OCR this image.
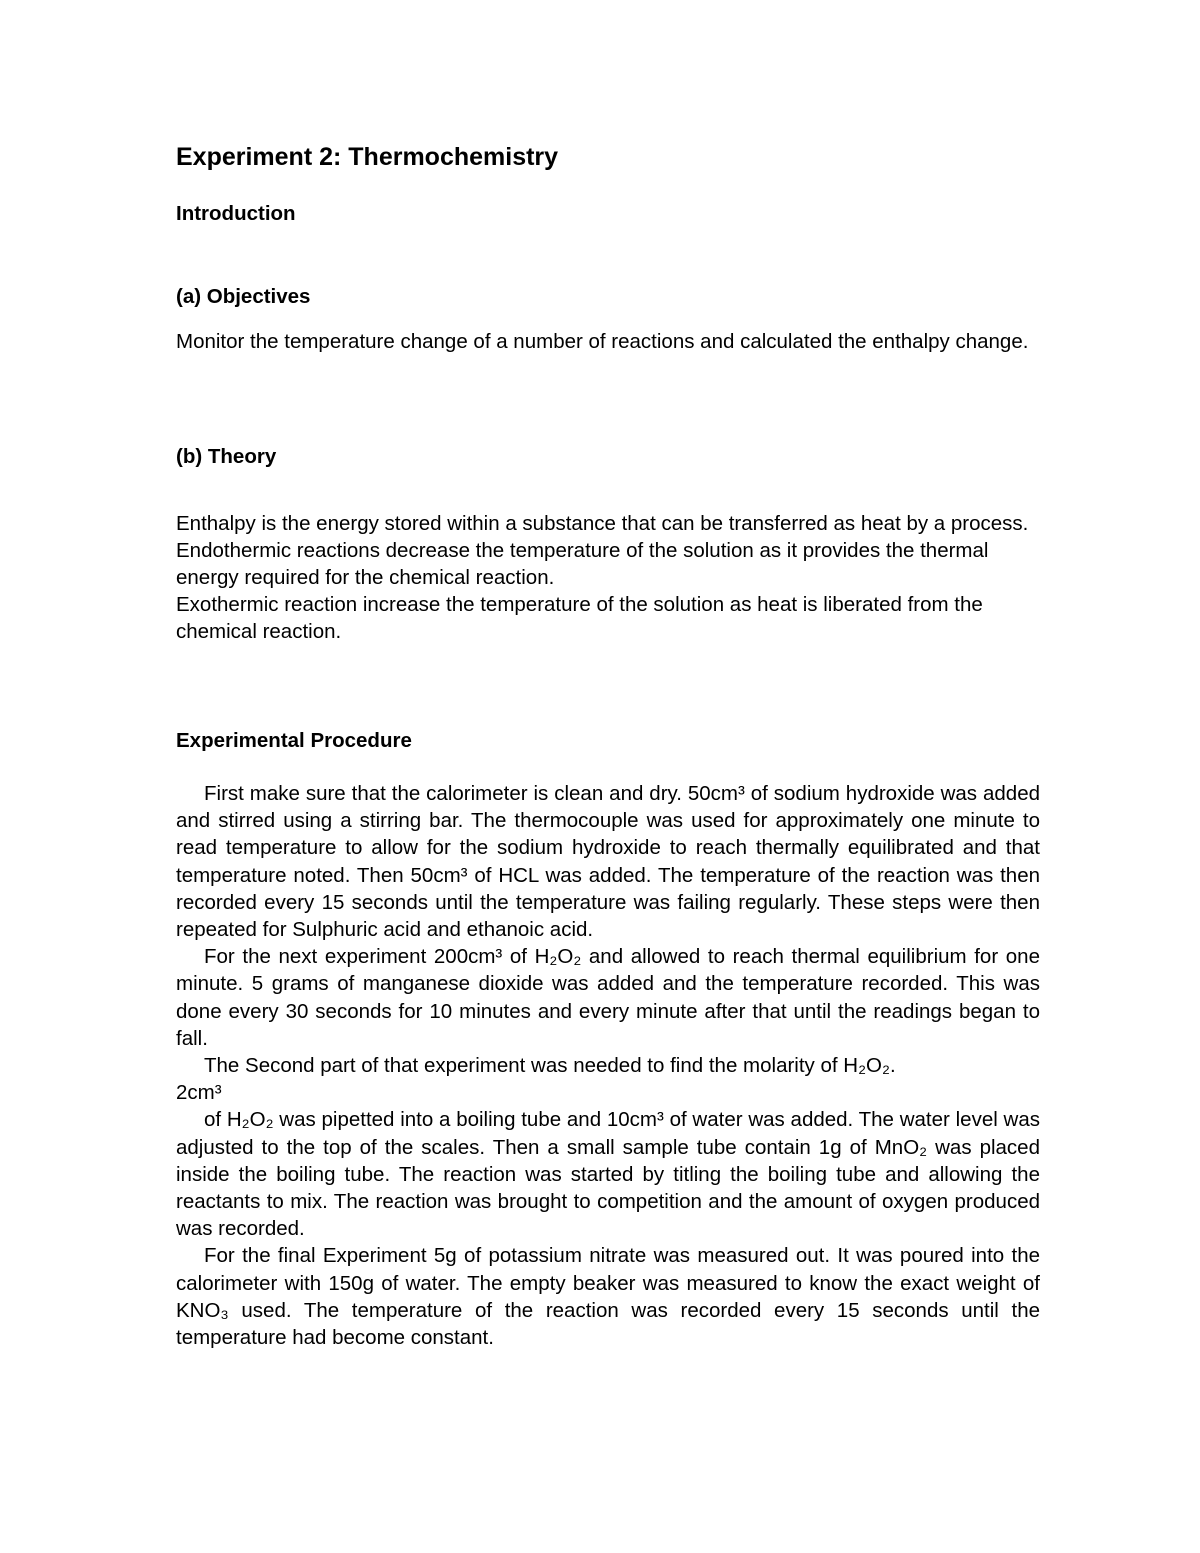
Experiment 2: Thermochemistry
Introduction
(a) Objectives

Monitor the temperature change of a number of reactions and calculated the enthalpy change.

(b) Theory

Enthalpy is the energy stored within a substance that can be transferred as heat by a process.

Endothermic reactions decrease the temperature of the solution as it provides the thermal energy required for the chemical reaction.

Exothermic reaction increase the temperature of the solution as heat is liberated from the chemical reaction.

Experimental Procedure

First make sure that the calorimeter is clean and dry. 50cm³ of sodium hydroxide was added and stirred using a stirring bar. The thermocouple was used for approximately one minute to read temperature to allow for the sodium hydroxide to reach thermally equilibrated and that temperature noted. Then 50cm³ of HCL was added. The temperature of the reaction was then recorded every 15 seconds until the temperature was failing regularly. These steps were then repeated for Sulphuric acid and ethanoic acid.

For the next experiment 200cm³ of H₂O₂ and allowed to reach thermal equilibrium for one minute. 5 grams of manganese dioxide was added and the temperature recorded. This was done every 30 seconds for 10 minutes and every minute after that until the readings began to fall.

The Second part of that experiment was needed to find the molarity of H₂O₂.

2cm³

of H₂O₂ was pipetted into a boiling tube and 10cm³ of water was added. The water level was adjusted to the top of the scales. Then a small sample tube contain 1g of MnO₂ was placed inside the boiling tube. The reaction was started by titling the boiling tube and allowing the reactants to mix. The reaction was brought to competition and the amount of oxygen produced was recorded.

For the final Experiment 5g of potassium nitrate was measured out. It was poured into the calorimeter with 150g of water. The empty beaker was measured to know the exact weight of KNO₃ used. The temperature of the reaction was recorded every 15 seconds until the temperature had become constant.
